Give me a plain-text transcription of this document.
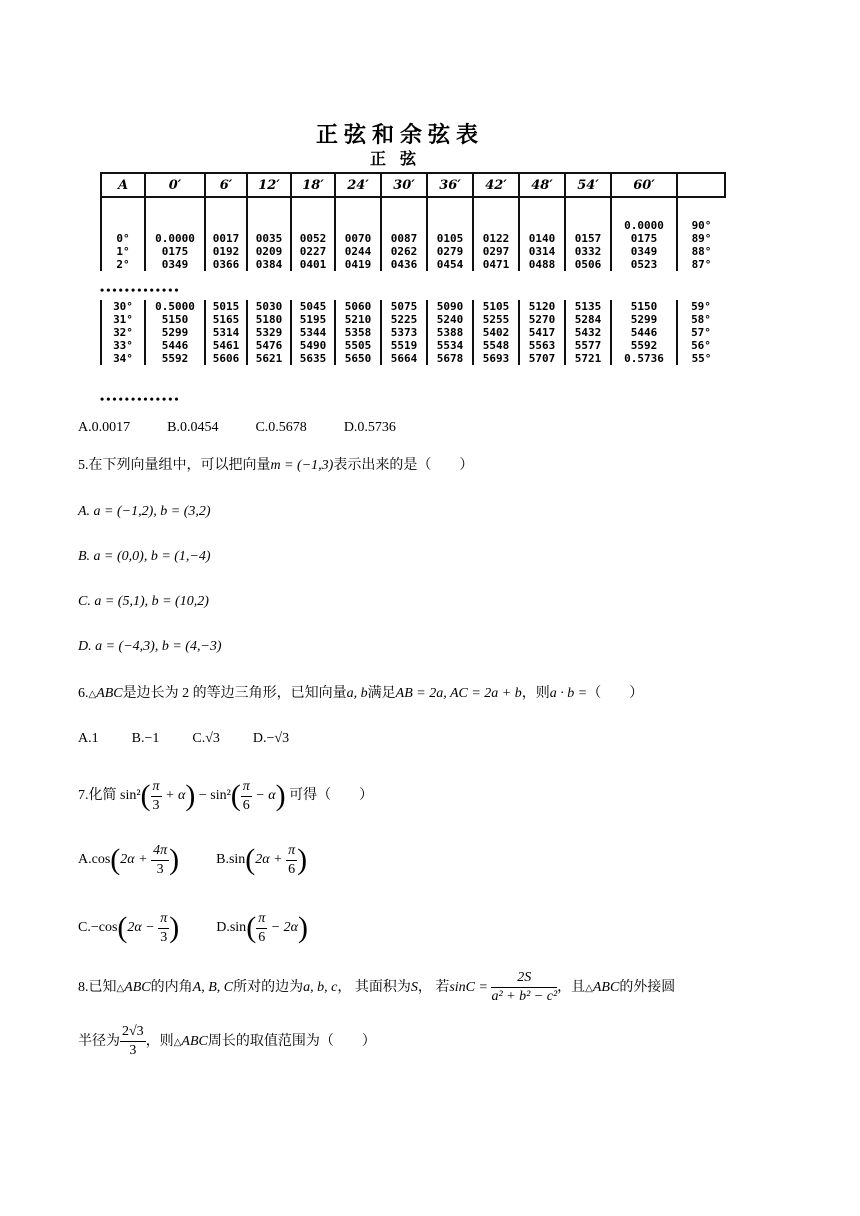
正弦和余弦表
正弦
A	0′	6′	12′	18′	24′	30′	36′	42′	48′	54′	60′	
											0.0000	90°
0°	0.0000	0017	0035	0052	0070	0087	0105	0122	0140	0157	0175	89°
1°	0175	0192	0209	0227	0244	0262	0279	0297	0314	0332	0349	88°
2°	0349	0366	0384	0401	0419	0436	0454	0471	0488	0506	0523	87°
•••••••••••••
30°	0.5000	5015	5030	5045	5060	5075	5090	5105	5120	5135	5150	59°
31°	5150	5165	5180	5195	5210	5225	5240	5255	5270	5284	5299	58°
32°	5299	5314	5329	5344	5358	5373	5388	5402	5417	5432	5446	57°
33°	5446	5461	5476	5490	5505	5519	5534	5548	5563	5577	5592	56°
34°	5592	5606	5621	5635	5650	5664	5678	5693	5707	5721	0.5736	55°
•••••••••••••
A.0.0017	B.0.0454	C.0.5678	D.0.5736
5.在下列向量组中，可以把向量m = (−1,3)表示出来的是（　　）
A. a = (−1,2), b = (3,2)
B. a = (0,0), b = (1,−4)
C. a = (5,1), b = (10,2)
D. a = (−4,3), b = (4,−3)
6.△ABC是边长为 2 的等边三角形，已知向量a, b满足AB = 2a, AC = 2a + b，则a · b =（　　）
A.1 B.−1 C.√3 D.−√3
7.化简 $\sin^2( \frac{\pi}{3} + \alpha) - \sin^2( \frac{\pi}{6} - \alpha)$ 可得（　　）
$A.\cos(2\alpha + \frac{4\pi}{3}$ )	$B.\sin(2\alpha + \frac{\pi}{6}$ )
$C.-\cos(2\alpha - \frac{\pi}{3}$ )	$D.\sin( \frac{\pi}{6} - 2\alpha)$
8.已知△ABC的内角A, B, C所对的边为a, b, c， 其面积为S， 若$\sin C = \frac{2S}{\text{a² + b² − c²}}$ ，且△ABC的外接圆
半径为 $\frac{2√3}{3}$ ，则△ABC周长的取值范围为（　　）
